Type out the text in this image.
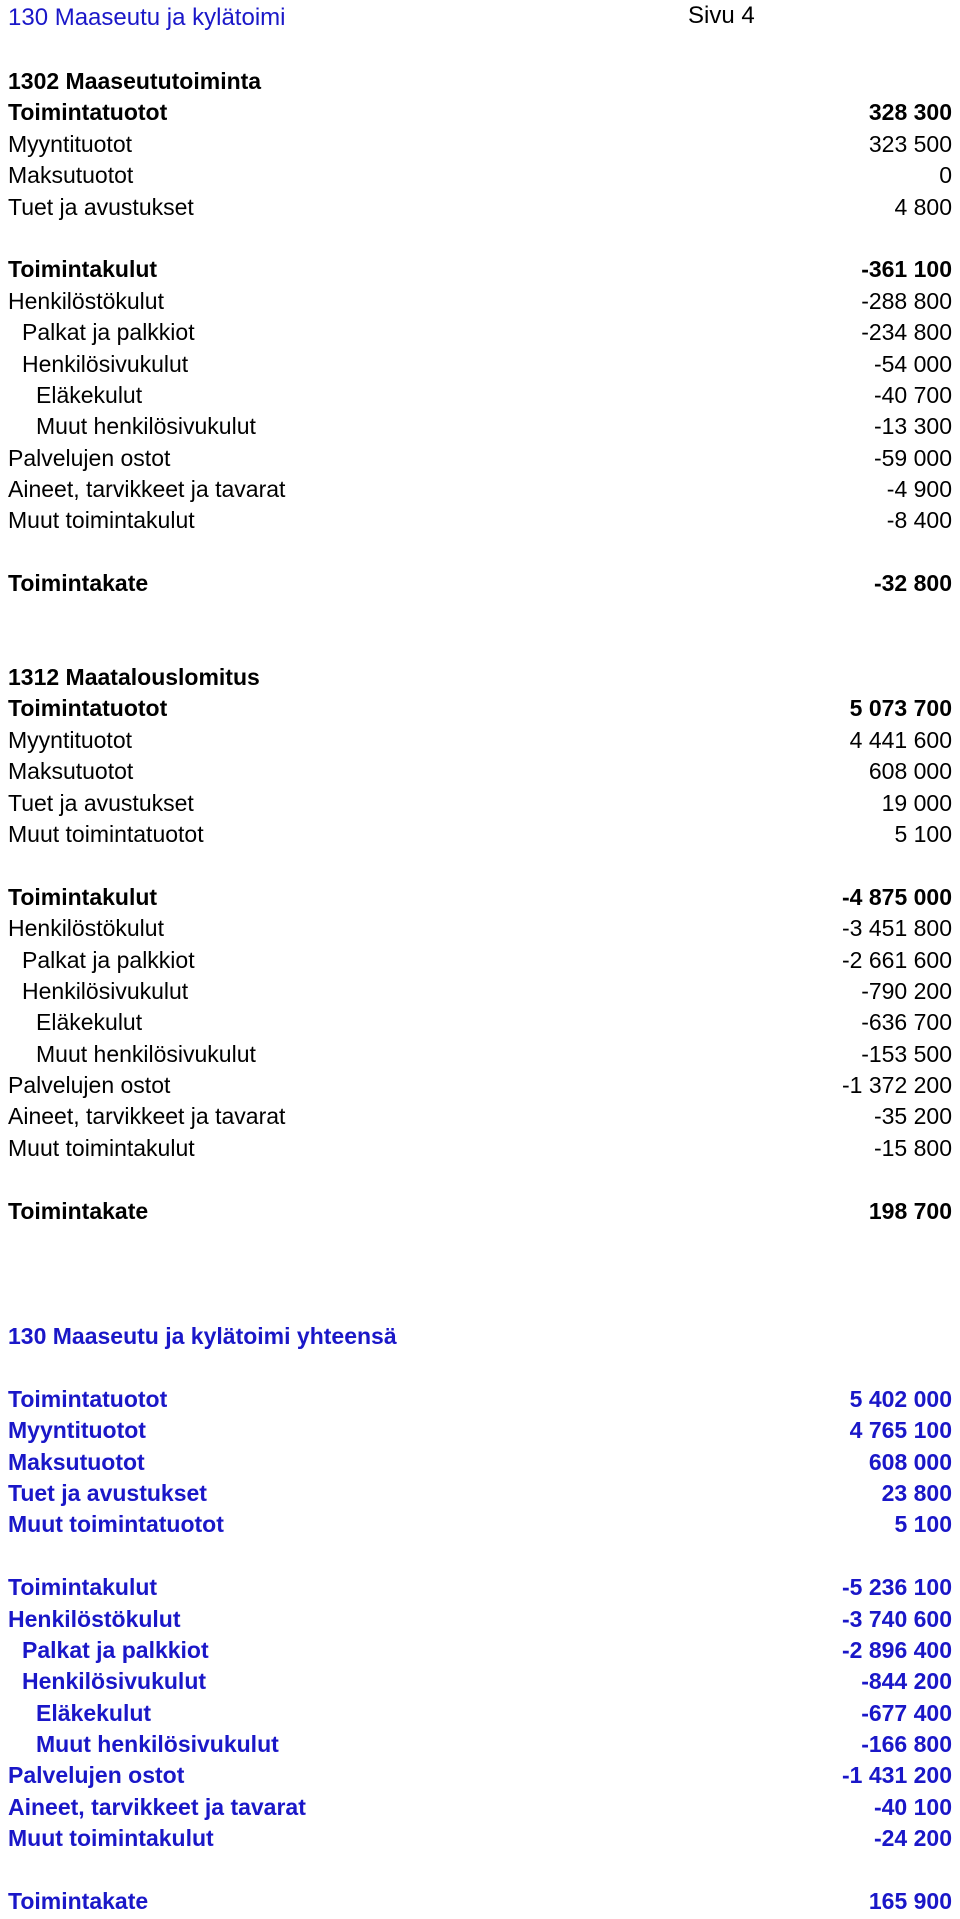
130 Maaseutu ja kylätoimi	Sivu 4
1302 Maaseututoiminta
Toimintatuotot	328 300
Myyntituotot	323 500
Maksutuotot	0
Tuet ja avustukset	4 800
Toimintakulut	-361 100
Henkilöstökulut	-288 800
Palkat ja palkkiot	-234 800
Henkilösivukulut	-54 000
Eläkekulut	-40 700
Muut henkilösivukulut	-13 300
Palvelujen ostot	-59 000
Aineet, tarvikkeet ja tavarat	-4 900
Muut toimintakulut	-8 400
Toimintakate	-32 800
1312 Maatalouslomitus
Toimintatuotot	5 073 700
Myyntituotot	4 441 600
Maksutuotot	608 000
Tuet ja avustukset	19 000
Muut toimintatuotot	5 100
Toimintakulut	-4 875 000
Henkilöstökulut	-3 451 800
Palkat ja palkkiot	-2 661 600
Henkilösivukulut	-790 200
Eläkekulut	-636 700
Muut henkilösivukulut	-153 500
Palvelujen ostot	-1 372 200
Aineet, tarvikkeet ja tavarat	-35 200
Muut toimintakulut	-15 800
Toimintakate	198 700
130 Maaseutu ja kylätoimi yhteensä
Toimintatuotot	5 402 000
Myyntituotot	4 765 100
Maksutuotot	608 000
Tuet ja avustukset	23 800
Muut toimintatuotot	5 100
Toimintakulut	-5 236 100
Henkilöstökulut	-3 740 600
Palkat ja palkkiot	-2 896 400
Henkilösivukulut	-844 200
Eläkekulut	-677 400
Muut henkilösivukulut	-166 800
Palvelujen ostot	-1 431 200
Aineet, tarvikkeet ja tavarat	-40 100
Muut toimintakulut	-24 200
Toimintakate	165 900
